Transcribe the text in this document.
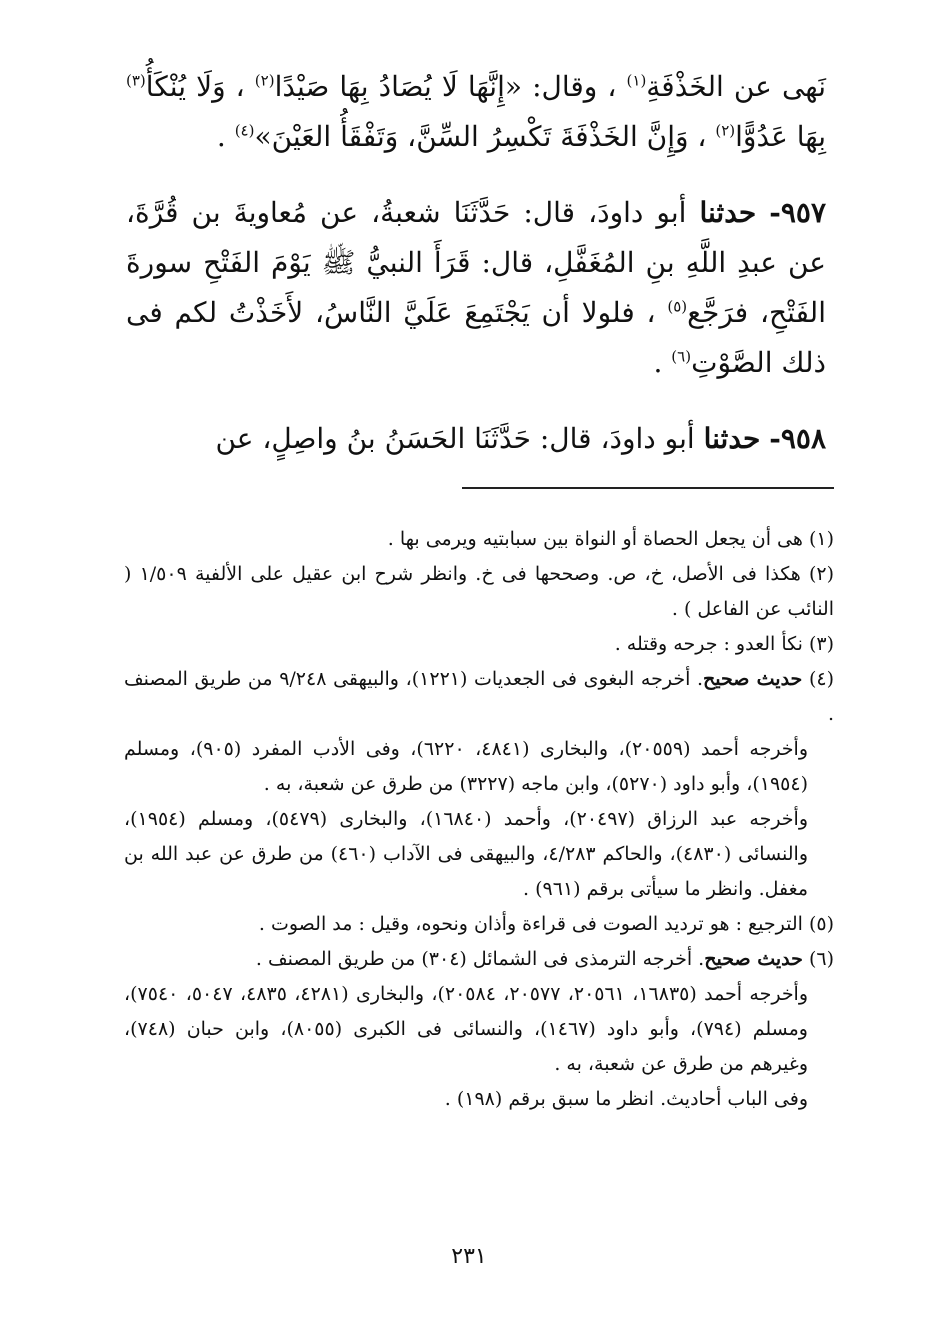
نَهى عن الخَذْفَةِ$^{(١)}$ ، وقال: «إِنَّهَا لَا يُصَادُ بِهَا صَيْدًا$^{(٢)}$ ، وَلَا يُنْكَأُ$^{(٣)}$ بِهَا عَدُوًّا$^{(٢)}$ ، وَإِنَّ الخَذْفَةَ تَكْسِرُ السِّنَّ، وَتَفْقَأُ العَيْنَ»$^{(٤)}$ .

٩٥٧- حدثنا أبو داودَ، قال: حَدَّثَنَا شعبةُ، عن مُعاويةَ بن قُرَّةَ، عن عبدِ اللَّهِ بنِ المُغَفَّلِ، قال: قَرَأَ النبيُّ ﷺ يَوْمَ الفَتْحِ سورةَ الفَتْحِ، فرَجَّع$^{(٥)}$ ، فلولا أن يَجْتَمِعَ عَلَيَّ النَّاسُ، لأَخَذْتُ لكم فى ذلك الصَّوْتِ$^{(٦)}$ .

٩٥٨- حدثنا أبو داودَ، قال: حَدَّثَنَا الحَسَنُ بنُ واصِلٍ، عن

(١) هى أن يجعل الحصاة أو النواة بين سبابتيه ويرمى بها .

(٢) هكذا فى الأصل، خ، ص. وصححها فى خ. وانظر شرح ابن عقيل على الألفية ١/٥٠٩ ( النائب عن الفاعل ) .

(٣) نكأ العدو : جرحه وقتله .

(٤) حديث صحيح. أخرجه البغوى فى الجعديات (١٢٢١)، والبيهقى ٩/٢٤٨ من طريق المصنف .

وأخرجه أحمد (٢٠٥٥٩)، والبخارى (٤٨٤١، ٦٢٢٠)، وفى الأدب المفرد (٩٠٥)، ومسلم (١٩٥٤)، وأبو داود (٥٢٧٠)، وابن ماجه (٣٢٢٧) من طرق عن شعبة، به .

وأخرجه عبد الرزاق (٢٠٤٩٧)، وأحمد (١٦٨٤٠)، والبخارى (٥٤٧٩)، ومسلم (١٩٥٤)، والنسائى (٤٨٣٠)، والحاكم ٤/٢٨٣، والبيهقى فى الآداب (٤٦٠) من طرق عن عبد الله بن مغفل. وانظر ما سيأتى برقم (٩٦١) .

(٥) الترجيع : هو ترديد الصوت فى قراءة وأذان ونحوه، وقيل : مد الصوت .

(٦) حديث صحيح. أخرجه الترمذى فى الشمائل (٣٠٤) من طريق المصنف .

وأخرجه أحمد (١٦٨٣٥، ٢٠٥٦١، ٢٠٥٧٧، ٢٠٥٨٤)، والبخارى (٤٢٨١، ٤٨٣٥، ٥٠٤٧، ٧٥٤٠)، ومسلم (٧٩٤)، وأبو داود (١٤٦٧)، والنسائى فى الكبرى (٨٠٥٥)، وابن حبان (٧٤٨)، وغيرهم من طرق عن شعبة، به .

وفى الباب أحاديث. انظر ما سبق برقم (١٩٨) .

٢٣١
